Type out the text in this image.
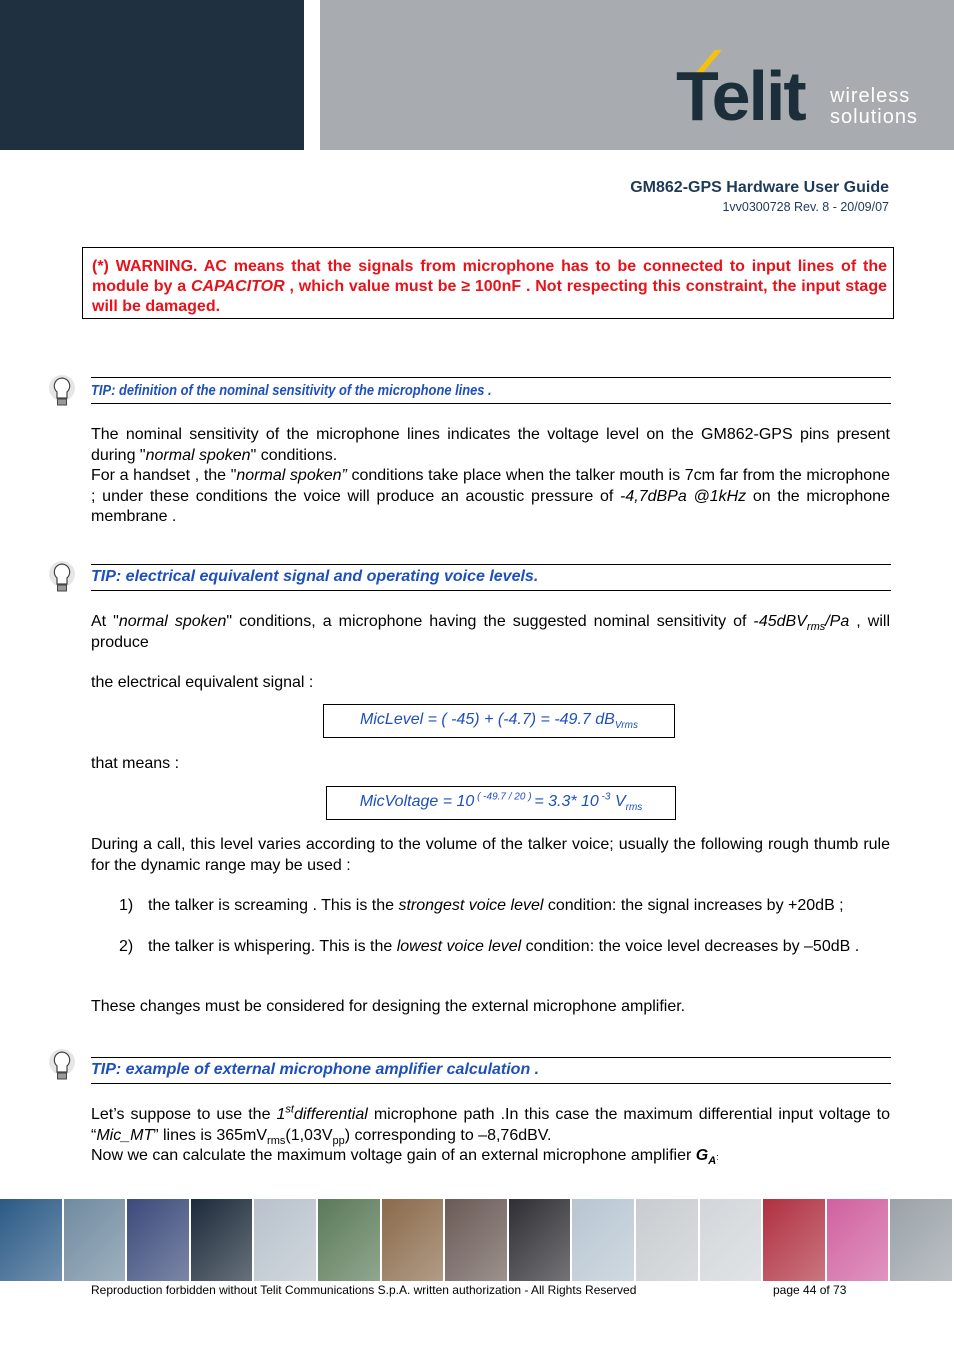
Telit wireless
solutions
GM862-GPS Hardware User Guide
1vv0300728 Rev. 8 - 20/09/07
(*) WARNING. AC means that the signals from microphone has to be connected to input lines of the module by a CAPACITOR , which value must be ≥ 100nF . Not respecting this constraint, the input stage will be damaged.
TIP: definition of the nominal sensitivity of the microphone lines .
The nominal sensitivity of the microphone lines indicates the voltage level on the GM862-GPS pins present during "normal spoken" conditions.
For a handset , the "normal spoken” conditions take place when the talker mouth is 7cm far from the microphone ; under these conditions the voice will produce an acoustic pressure of -4,7dBPa @1kHz on the microphone membrane .
TIP: electrical equivalent signal and operating voice levels.
At "normal spoken" conditions, a microphone having the suggested nominal sensitivity of -45dBV$_{rms}$/Pa , will produce
the electrical equivalent signal :
MicLevel = ( -45) + (-4.7) = -49.7 $dB_{Vrms}$
that means :
MicVoltage = 10 $^{( -49.7 / 20 )}$ = 3.3* 10 $^{-3}$ $V_{rms}$
During a call, this level varies according to the volume of the talker voice; usually the following rough thumb rule for the dynamic range may be used :
1) the talker is screaming . This is the strongest voice level condition: the signal increases by +20dB ;
2) the talker is whispering. This is the lowest voice level condition: the voice level decreases by –50dB .
These changes must be considered for designing the external microphone amplifier.
TIP: example of external microphone amplifier calculation .
Let’s suppose to use the 1stdifferential microphone path .In this case the maximum differential input voltage to “Mic_MT” lines is $365mV_{rms}(1,03V_{pp})$ corresponding to –8,76dBV.
Now we can calculate the maximum voltage gain of an external microphone amplifier $G_A$:
Reproduction forbidden without Telit Communications S.p.A. written authorization - All Rights Reserved	page 44 of 73
